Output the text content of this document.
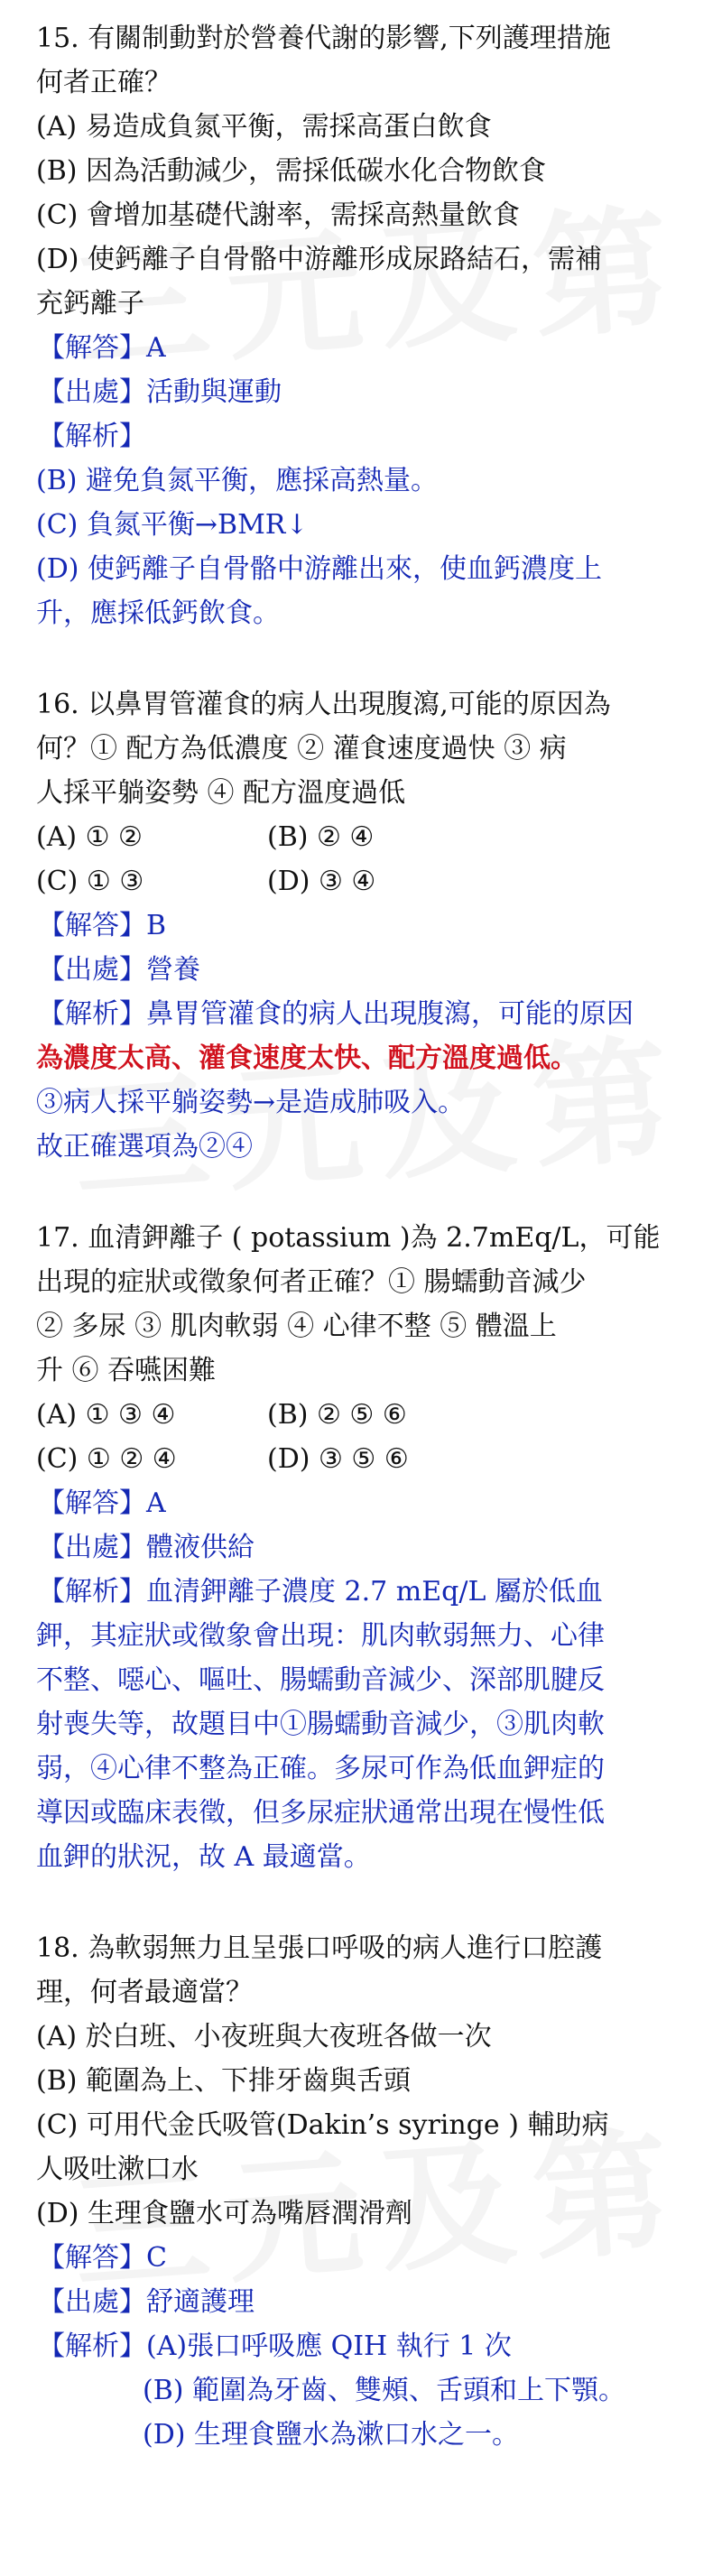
15. 有關制動對於營養代謝的影響,下列護理措施
何者正確？
(A) 易造成負氮平衡，需採高蛋白飲食
(B) 因為活動減少，需採低碳水化合物飲食
(C) 會增加基礎代謝率，需採高熱量飲食
(D) 使鈣離子自骨骼中游離形成尿路結石，需補
充鈣離子
【解答】A
【出處】活動與運動
【解析】
(B) 避免負氮平衡，應採高熱量。
(C) 負氮平衡→BMR↓
(D) 使鈣離子自骨骼中游離出來，使血鈣濃度上
升，應採低鈣飲食。
16. 以鼻胃管灌食的病人出現腹瀉,可能的原因為
何？① 配方為低濃度 ② 灌食速度過快 ③ 病
人採平躺姿勢 ④ 配方溫度過低
(A) ① ②	(B) ② ④
(C) ① ③	(D) ③ ④
【解答】B
【出處】營養
【解析】鼻胃管灌食的病人出現腹瀉，可能的原因
為濃度太高、灌食速度太快、配方溫度過低。
③病人採平躺姿勢→是造成肺吸入。
故正確選項為②④
17. 血清鉀離子 ( potassium )為 2.7mEq/L，可能
出現的症狀或徵象何者正確？① 腸蠕動音減少
② 多尿 ③ 肌肉軟弱 ④ 心律不整 ⑤ 體溫上
升 ⑥ 吞嚥困難
(A) ① ③ ④	(B) ② ⑤ ⑥
(C) ① ② ④	(D) ③ ⑤ ⑥
【解答】A
【出處】體液供給
【解析】血清鉀離子濃度 2.7 mEq/L 屬於低血
鉀，其症狀或徵象會出現：肌肉軟弱無力、心律
不整、噁心、嘔吐、腸蠕動音減少、深部肌腱反
射喪失等，故題目中①腸蠕動音減少，③肌肉軟
弱，④心律不整為正確。多尿可作為低血鉀症的
導因或臨床表徵，但多尿症狀通常出現在慢性低
血鉀的狀況，故 A 最適當。
18. 為軟弱無力且呈張口呼吸的病人進行口腔護
理，何者最適當？
(A) 於白班、小夜班與大夜班各做一次
(B) 範圍為上、下排牙齒與舌頭
(C) 可用代金氏吸管(Dakin’s syringe ) 輔助病
人吸吐漱口水
(D) 生理食鹽水可為嘴唇潤滑劑
【解答】C
【出處】舒適護理
【解析】(A)張口呼吸應 QIH 執行 1 次
(B) 範圍為牙齒、雙頰、舌頭和上下顎。
(D) 生理食鹽水為漱口水之一。
